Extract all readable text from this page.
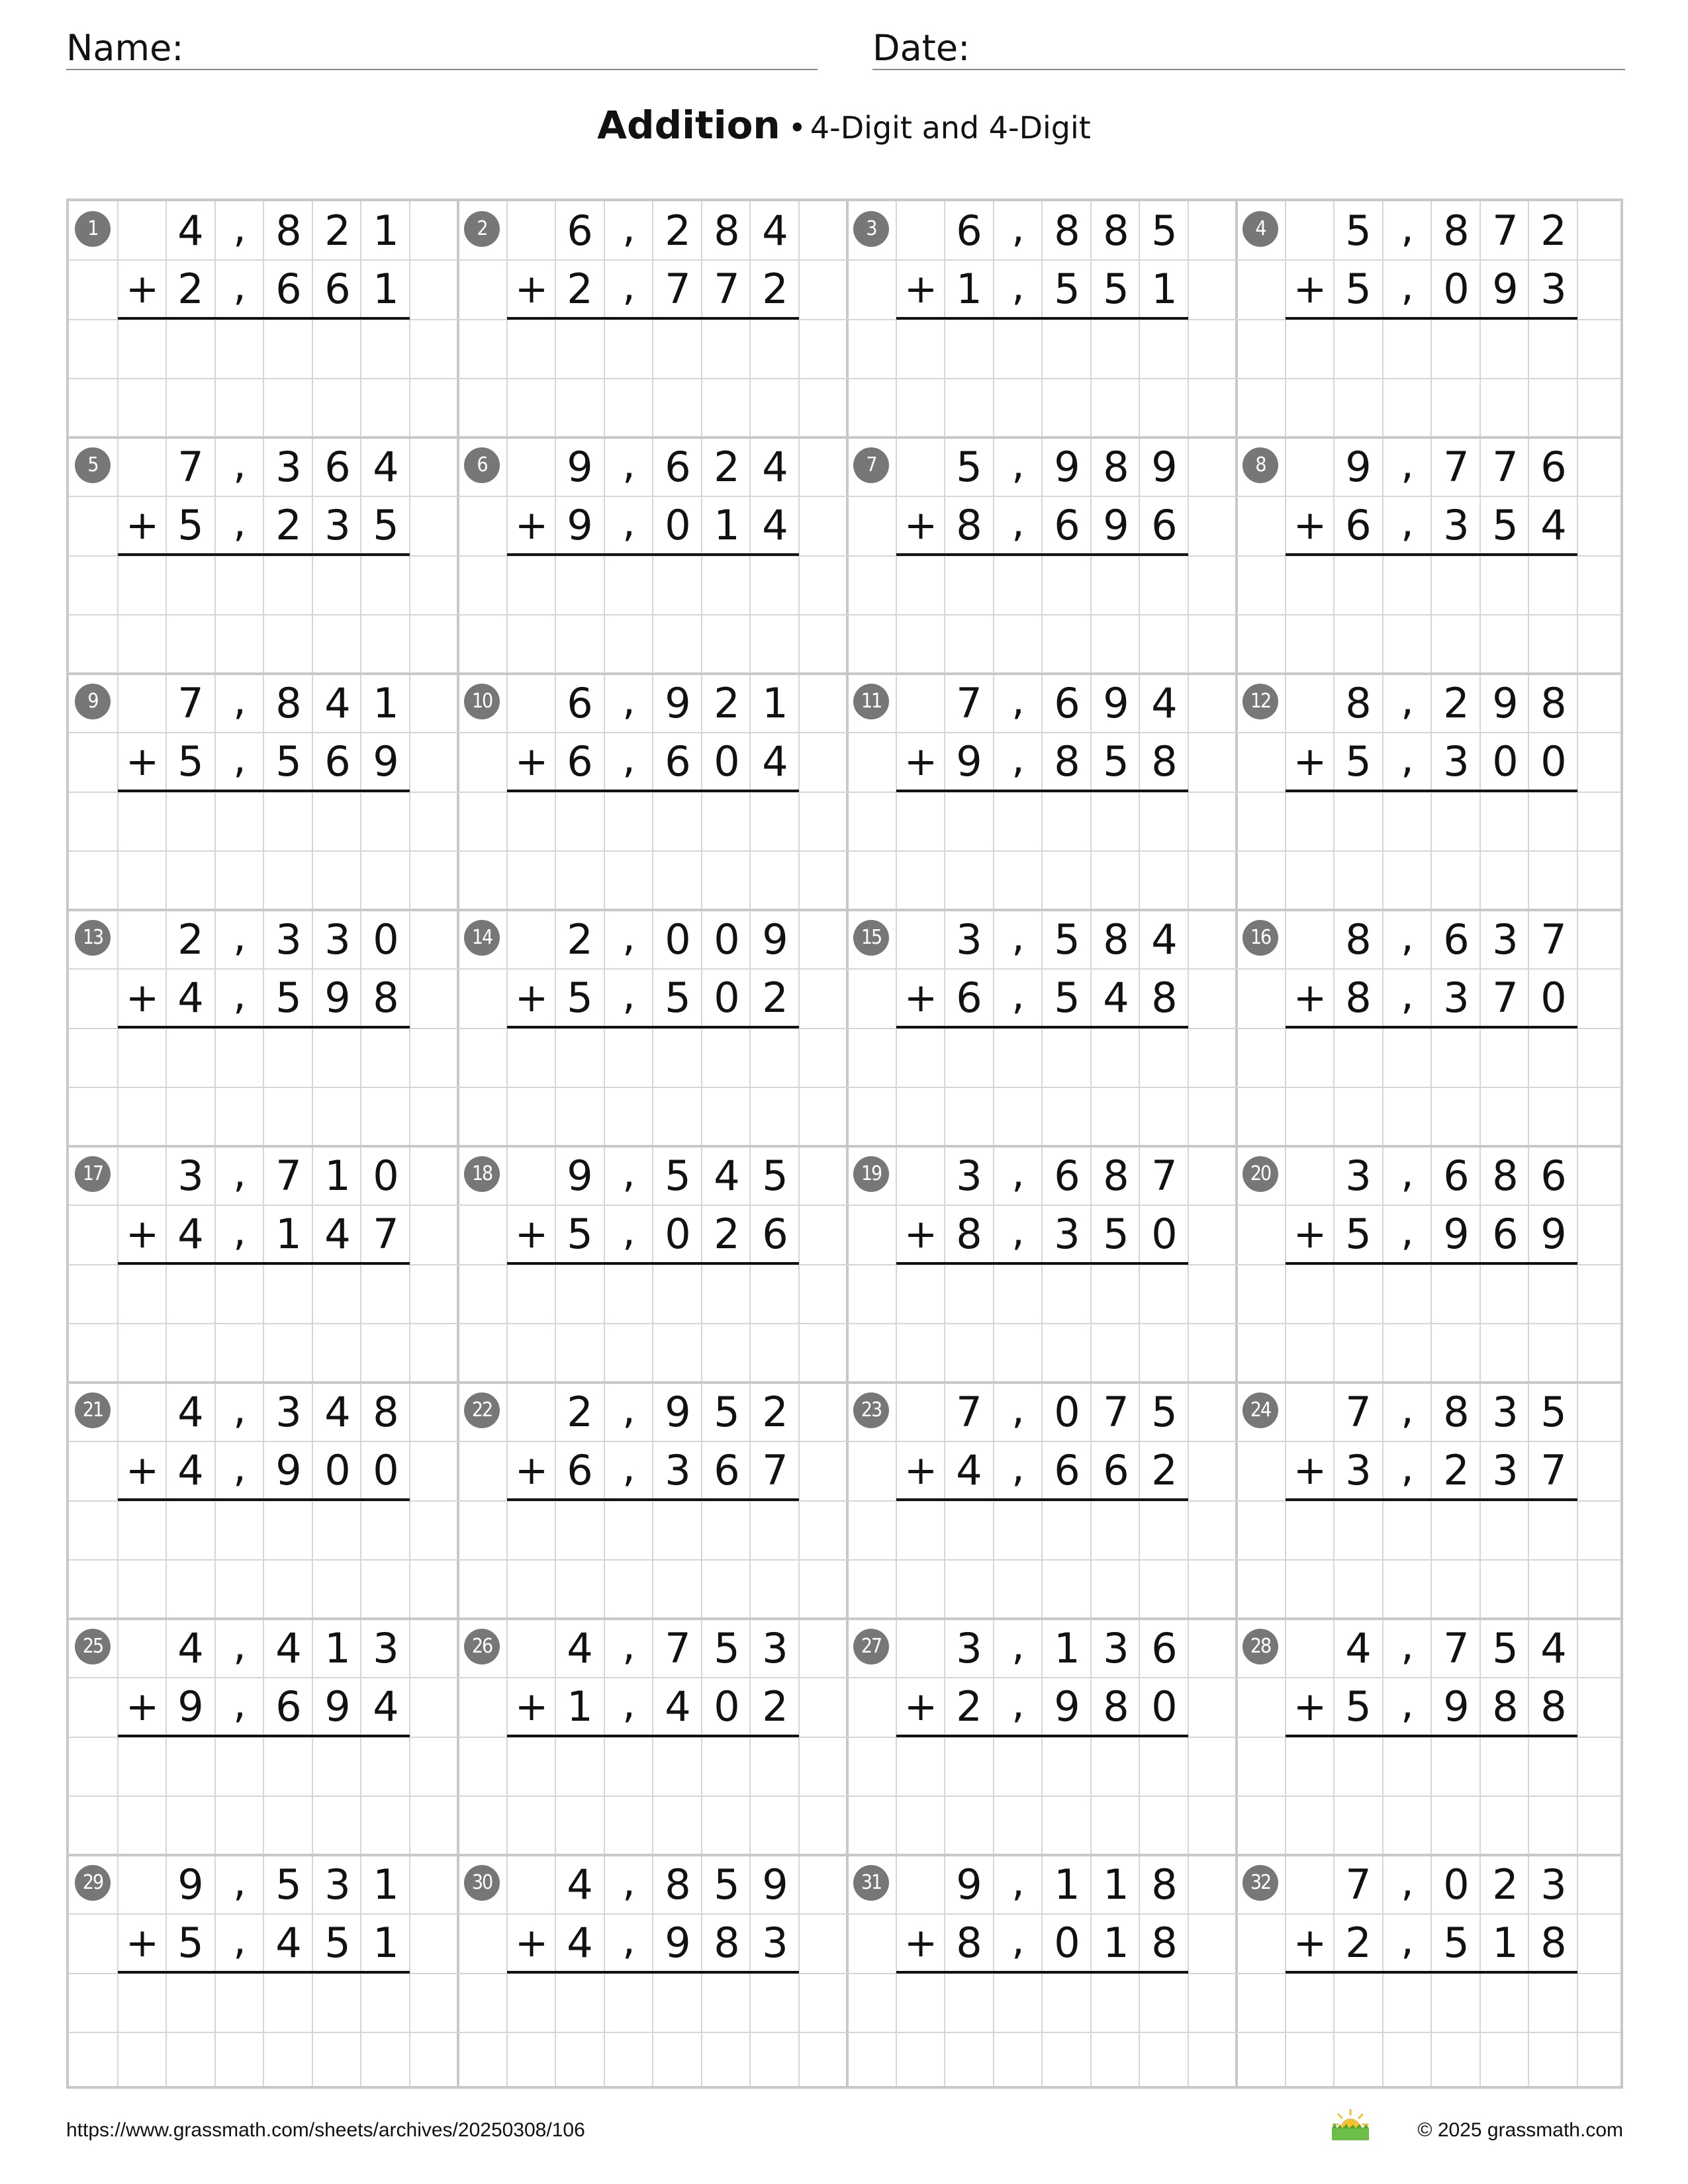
Name:	Date:
Addition • 4-Digit and 4-Digit
1	4 , 8 2 1
2 , 6 6 1
+
2	6 , 2 8 4
2 , 7 7 2
+
3	6 , 8 8 5
1 , 5 5 1
+
4	5 , 8 7 2
5 , 0 9 3
+
5	7 , 3 6 4
5 , 2 3 5
+
6	9 , 6 2 4
9 , 0 1 4
+
7	5 , 9 8 9
8 , 6 9 6
+
8	9 , 7 7 6
6 , 3 5 4
+
9	7 , 8 4 1
5 , 5 6 9
+
10 6 , 9 2 1
6 , 6 0 4
+
11 7 , 6 9 4
9 , 8 5 8
+
12 8 , 2 9 8
5 , 3 0 0
+
13 2 , 3 3 0
4 , 5 9 8
+
14 2 , 0 0 9
5 , 5 0 2
+
15 3 , 5 8 4
6 , 5 4 8
+
16 8 , 6 3 7
8 , 3 7 0
+
17 3 , 7 1 0
4 , 1 4 7
+
18 9 , 5 4 5
5 , 0 2 6
+
19 3 , 6 8 7
8 , 3 5 0
+
20 3 , 6 8 6
5 , 9 6 9
+
21 4 , 3 4 8
4 , 9 0 0
+
22 2 , 9 5 2
6 , 3 6 7
+
23 7 , 0 7 5
4 , 6 6 2
+
24 7 , 8 3 5
3 , 2 3 7
+
25 4 , 4 1 3
9 , 6 9 4
+
26 4 , 7 5 3
1 , 4 0 2
+
27 3 , 1 3 6
2 , 9 8 0
+
28 4 , 7 5 4
5 , 9 8 8
+
29 9 , 5 3 1
5 , 4 5 1
+
30 4 , 8 5 9
4 , 9 8 3
+
31 9 , 1 1 8
8 , 0 1 8
+
32 7 , 0 2 3
2 , 5 1 8
+
https://www.grassmath.com/sheets/archives/20250308/106	© 2025 grassmath.com
